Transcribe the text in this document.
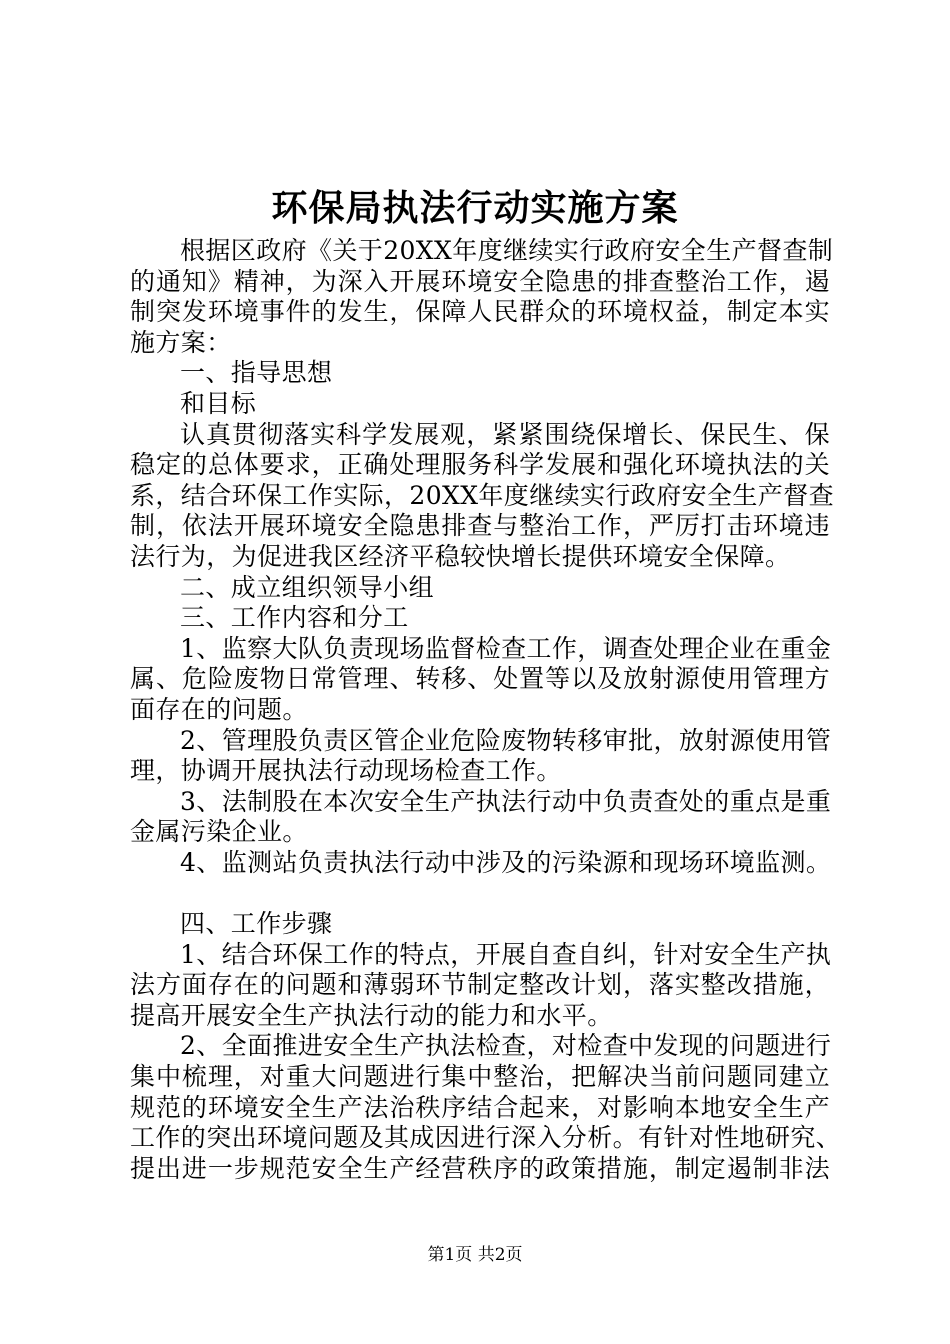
环保局执法行动实施方案
根据区政府《关于20XX年度继续实行政府安全生产督查制
的通知》精神，为深入开展环境安全隐患的排查整治工作，遏
制突发环境事件的发生，保障人民群众的环境权益，制定本实
施方案：
一、指导思想
和目标
认真贯彻落实科学发展观，紧紧围绕保增长、保民生、保
稳定的总体要求，正确处理服务科学发展和强化环境执法的关
系，结合环保工作实际，20XX年度继续实行政府安全生产督查
制，依法开展环境安全隐患排查与整治工作，严厉打击环境违
法行为，为促进我区经济平稳较快增长提供环境安全保障。
二、成立组织领导小组
三、工作内容和分工
1、监察大队负责现场监督检查工作，调查处理企业在重金
属、危险废物日常管理、转移、处置等以及放射源使用管理方
面存在的问题。
2、管理股负责区管企业危险废物转移审批，放射源使用管
理，协调开展执法行动现场检查工作。
3、法制股在本次安全生产执法行动中负责查处的重点是重
金属污染企业。
4、监测站负责执法行动中涉及的污染源和现场环境监测。
四、工作步骤
1、结合环保工作的特点，开展自查自纠，针对安全生产执
法方面存在的问题和薄弱环节制定整改计划，落实整改措施，
提高开展安全生产执法行动的能力和水平。
2、全面推进安全生产执法检查，对检查中发现的问题进行
集中梳理，对重大问题进行集中整治，把解决当前问题同建立
规范的环境安全生产法治秩序结合起来，对影响本地安全生产
工作的突出环境问题及其成因进行深入分析。有针对性地研究、
提出进一步规范安全生产经营秩序的政策措施，制定遏制非法
第1页 共2页
